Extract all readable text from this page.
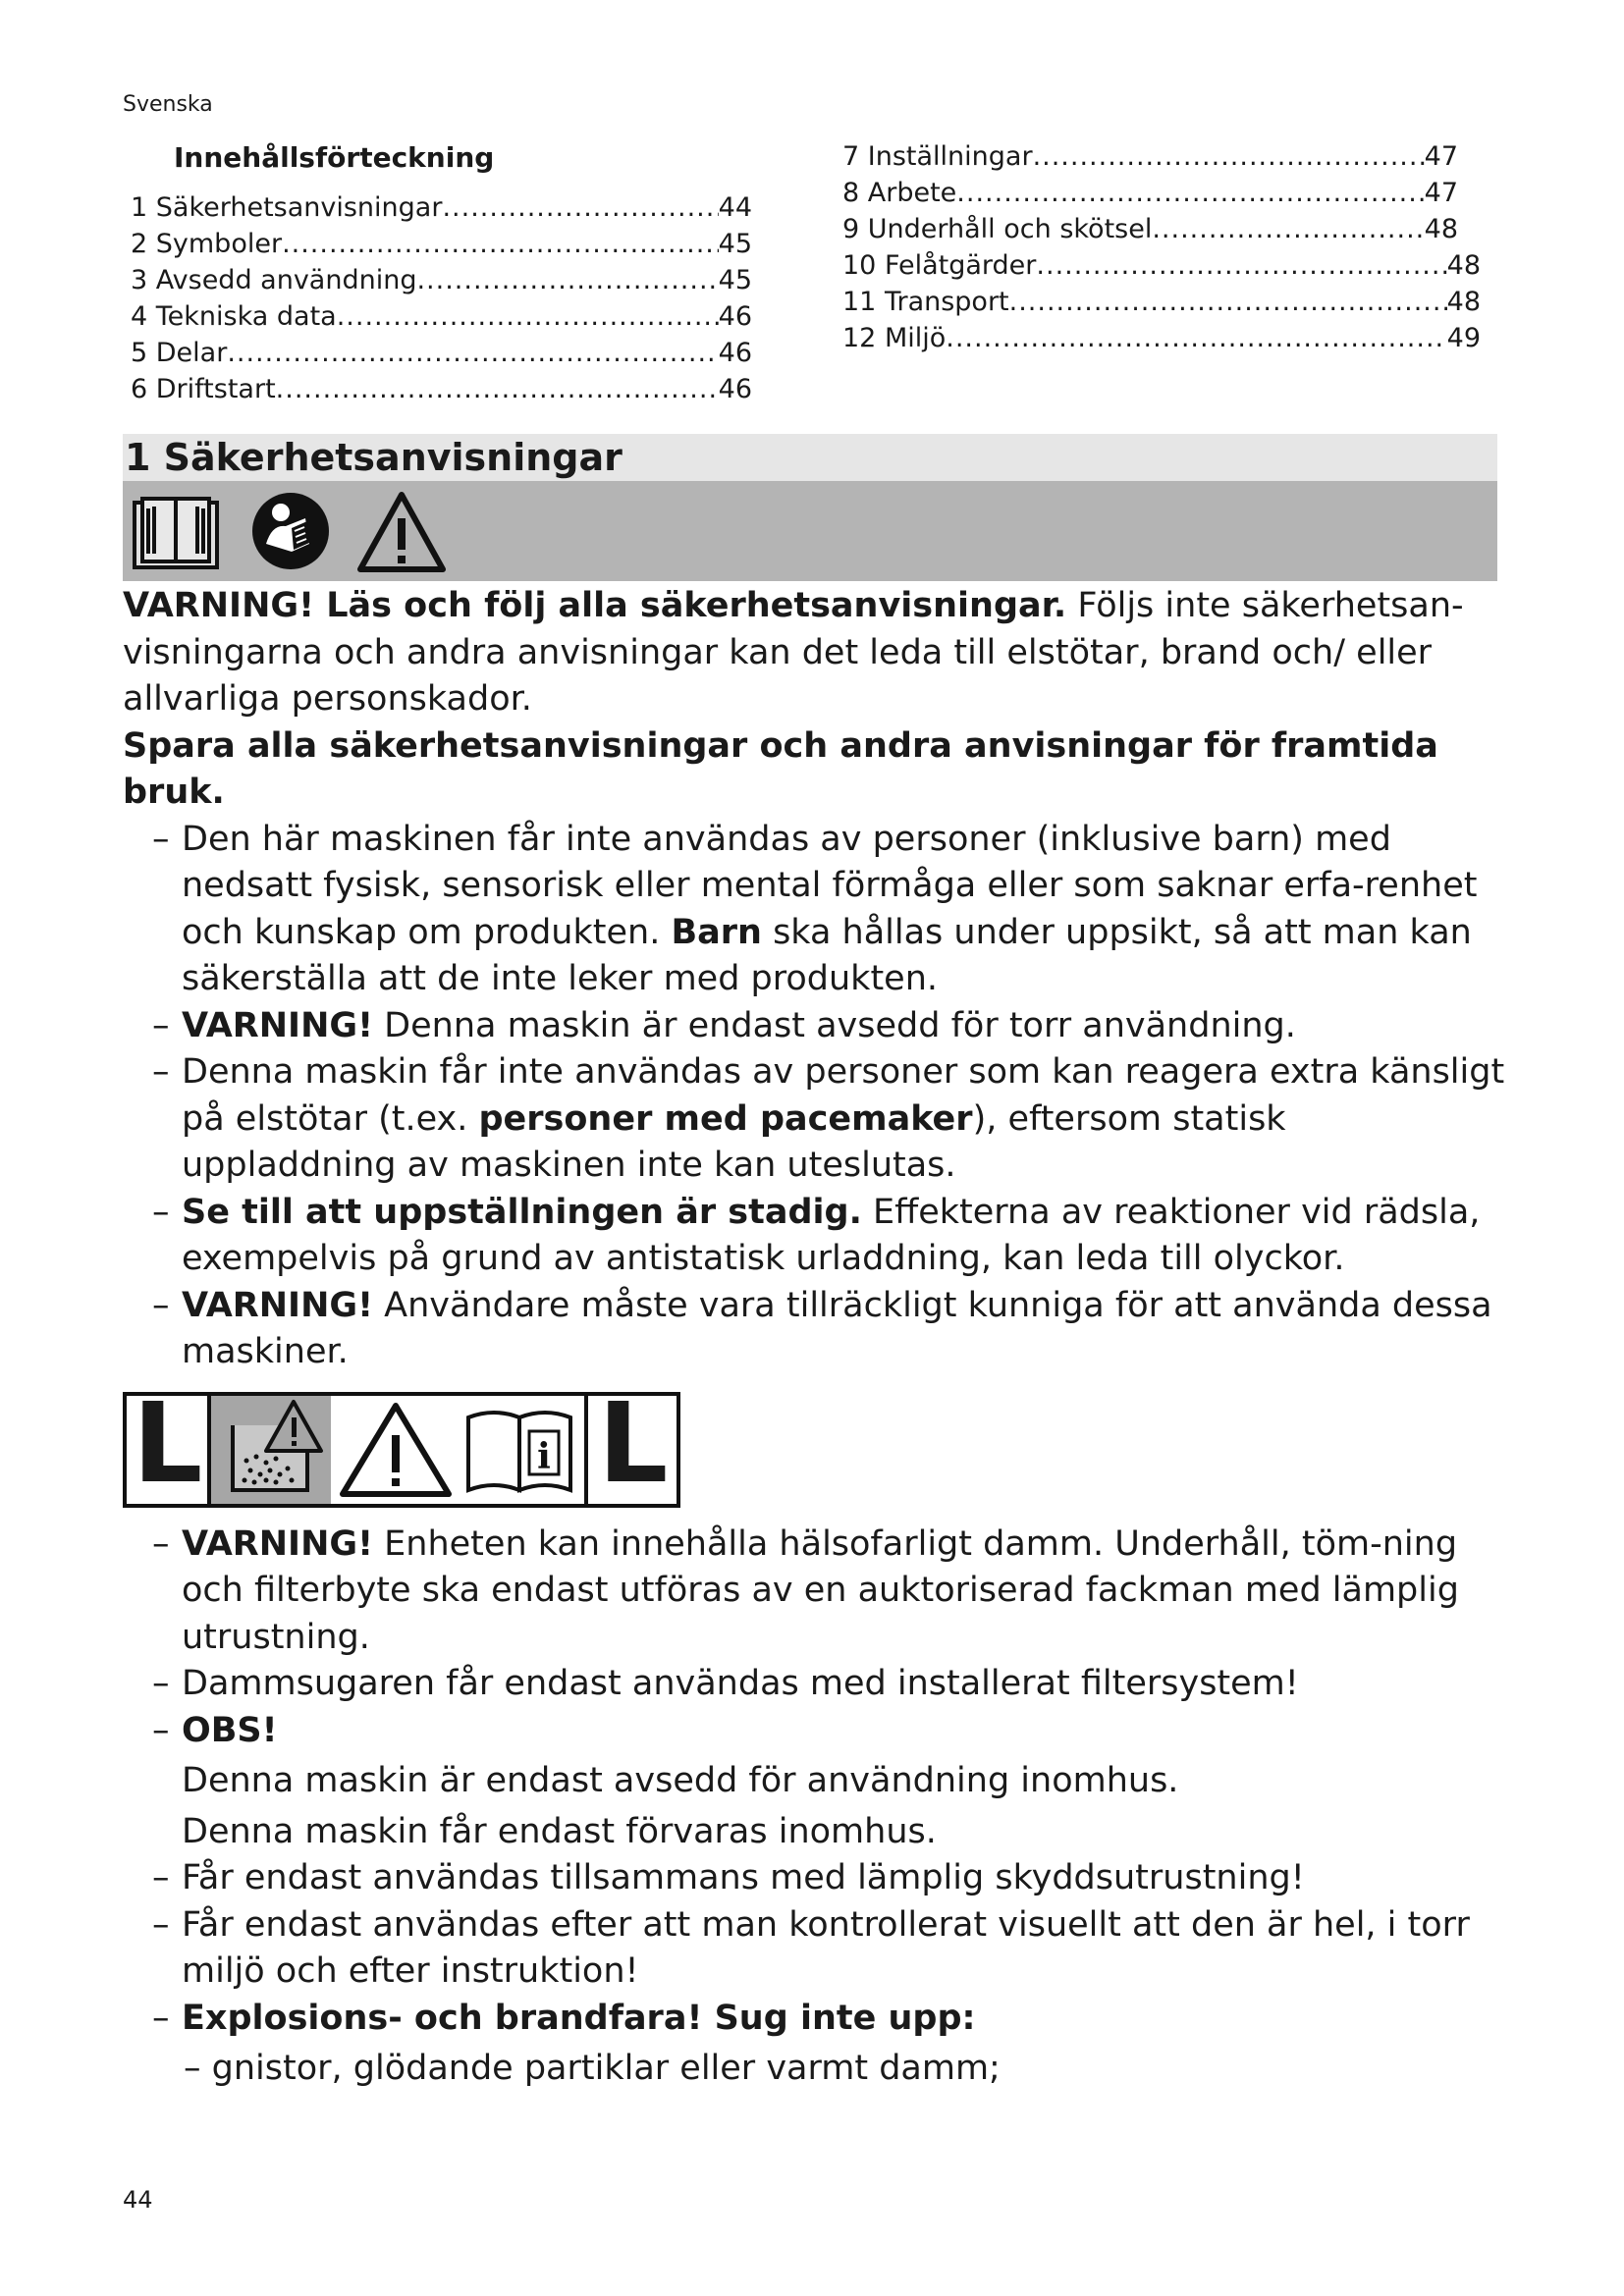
Svenska
Innehållsförteckning
1 Säkerhetsanvisningar .....	44
2 Symboler .....	45
3 Avsedd användning .....	45
4 Tekniska data .....	46
5 Delar .....	46
6 Driftstart .....	46
7 Inställningar .....	47
8 Arbete .....	47
9 Underhåll och skötsel .....	48
10 Felåtgärder .....	48
11 Transport .....	48
12 Miljö .....	49
1 Säkerhetsanvisningar

VARNING! Läs och följ alla säkerhetsanvisningar. Följs inte säkerhetsan-visningarna och andra anvisningar kan det leda till elstötar, brand och/ eller allvarliga personskador.

Spara alla säkerhetsanvisningar och andra anvisningar för framtida bruk.

– Den här maskinen får inte användas av personer (inklusive barn) med nedsatt fysisk, sensorisk eller mental förmåga eller som saknar erfa-renhet och kunskap om produkten. Barn ska hållas under uppsikt, så att man kan säkerställa att de inte leker med produkten.

– VARNING! Denna maskin är endast avsedd för torr användning.

– Denna maskin får inte användas av personer som kan reagera extra känsligt på elstötar (t.ex. personer med pacemaker), eftersom statisk uppladdning av maskinen inte kan uteslutas.

– Se till att uppställningen är stadig. Effekterna av reaktioner vid rädsla, exempelvis på grund av antistatisk urladdning, kan leda till olyckor.

– VARNING! Användare måste vara tillräckligt kunniga för att använda dessa maskiner.

L	i L

– VARNING! Enheten kan innehålla hälsofarligt damm. Underhåll, töm-ning och filterbyte ska endast utföras av en auktoriserad fackman med lämplig utrustning.

– Dammsugaren får endast användas med installerat filtersystem!

– OBS!

Denna maskin är endast avsedd för användning inomhus.

Denna maskin får endast förvaras inomhus.

– Får endast användas tillsammans med lämplig skyddsutrustning!

– Får endast användas efter att man kontrollerat visuellt att den är hel, i torr miljö och efter instruktion!

– Explosions- och brandfara! Sug inte upp:

– gnistor, glödande partiklar eller varmt damm;

44
